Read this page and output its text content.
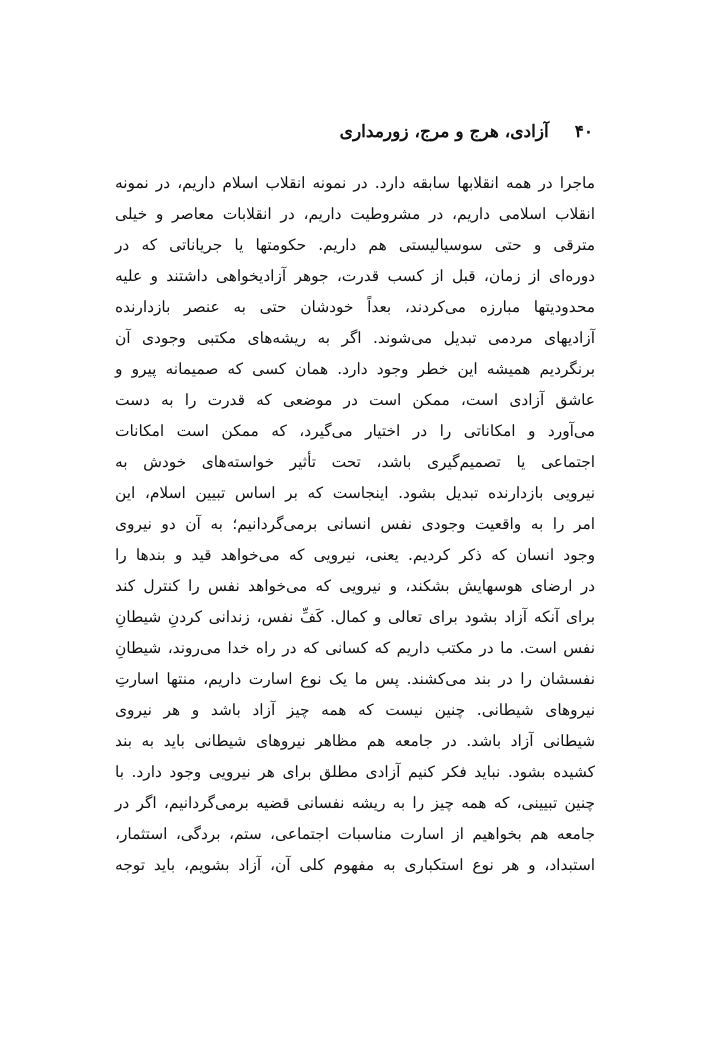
۴۰
آزادی، هرج و مرج، زورمداری
ماجرا در همه انقلابها سابقه دارد. در نمونه انقلاب اسلام داریم، در نمونه
انقلاب اسلامی داریم، در مشروطیت داریم، در انقلابات معاصر و خیلی
مترقی و حتی سوسیالیستی هم داریم. حکومتها یا جریاناتی که در
دوره‌ای از زمان، قبل از کسب قدرت، جوهر آزادیخواهی داشتند و علیه
محدودیتها مبارزه می‌کردند، بعداً خودشان حتی به عنصر بازدارنده
آزادیهای مردمی تبدیل می‌شوند. اگر به ریشه‌های مکتبی وجودی آن
برنگردیم همیشه این خطر وجود دارد. همان کسی که صمیمانه پیرو و
عاشق آزادی است، ممکن است در موضعی که قدرت را به دست
می‌آورد و امکاناتی را در اختیار می‌گیرد، که ممکن است امکانات
اجتماعی یا تصمیم‌گیری باشد، تحت تأثیر خواسته‌های خودش به
نیرویی بازدارنده تبدیل بشود. اینجاست که بر اساس تبیین اسلام، این
امر را به واقعیت وجودی نفس انسانی برمی‌گردانیم؛ به آن دو نیروی
وجود انسان که ذکر کردیم. یعنی، نیرویی که می‌خواهد قید و بندها را
در ارضای هوسهایش بشکند، و نیرویی که می‌خواهد نفس را کنترل کند
برای آنکه آزاد بشود برای تعالی و کمال. کَفِّ نفس، زندانی کردنِ شیطانِ
نفس است. ما در مکتب داریم که کسانی که در راه خدا می‌روند، شیطانِ
نفسشان را در بند می‌کشند. پس ما یک نوع اسارت داریم، منتها اسارتِ
نیروهای شیطانی. چنین نیست که همه چیز آزاد باشد و هر نیروی
شیطانی آزاد باشد. در جامعه هم مظاهر نیروهای شیطانی باید به بند
کشیده بشود. نباید فکر کنیم آزادی مطلق برای هر نیرویی وجود دارد. با
چنین تبیینی، که همه چیز را به ریشه نفسانی قضیه برمی‌گردانیم، اگر در
جامعه هم بخواهیم از اسارت مناسبات اجتماعی، ستم، بردگی، استثمار،
استبداد، و هر نوع استکباری به مفهوم کلی آن، آزاد بشویم، باید توجه
